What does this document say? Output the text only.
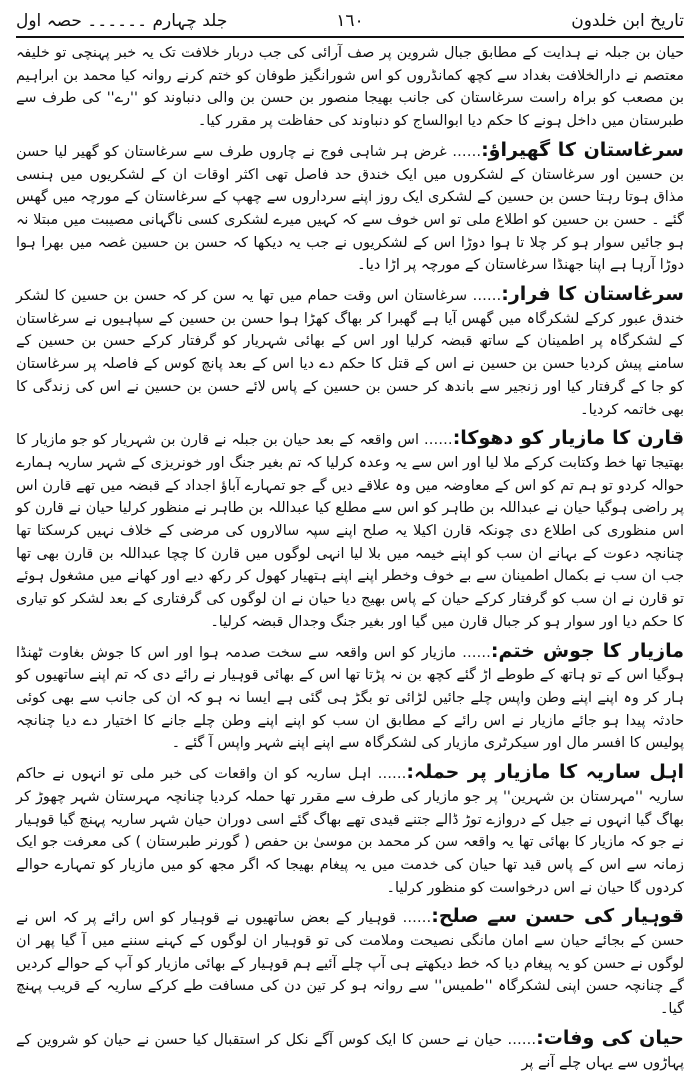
جلد چہارم ۔۔۔۔۔۔ حصہ اول	١٦٠	تاریخ ابن خلدون

حیان بن جبلہ نے ہدایت کے مطابق جبال شروین پر صف آرائی کی جب دربار خلافت تک یہ خبر پہنچی تو خلیفہ معتصم نے دارالخلافت بغداد سے کچھ کمانڈروں کو اس شورانگیز طوفان کو ختم کرنے روانہ کیا محمد بن ابراہیم بن مصعب کو براہ راست سرغاستان کی جانب بھیجا منصور بن حسن بن والی دنباوند کو ''رے'' کی طرف سے طبرستان میں داخل ہونے کا حکم دیا ابوالساج کو دنباوند کی حفاظت پر مقرر کیا۔

سرغاستان کا گھیراؤ:…… غرض ہر شاہی فوج نے چاروں طرف سے سرغاستان کو گھیر لیا حسن بن حسین اور سرغاستان کے لشکروں میں ایک خندق حد فاصل تھی اکثر اوقات ان کے لشکریوں میں ہنسی مذاق ہوتا رہتا حسن بن حسین کے لشکری ایک روز اپنے سرداروں سے چھپ کے سرغاستان کے مورچہ میں گھس گئے ۔ حسن بن حسین کو اطلاع ملی تو اس خوف سے کہ کہیں میرے لشکری کسی ناگہانی مصیبت میں مبتلا نہ ہو جائیں سوار ہو کر چلا تا ہوا دوڑا اس کے لشکریوں نے جب یہ دیکھا کہ حسن بن حسین غصہ میں بھرا ہوا دوڑا آرہا ہے اپنا جھنڈا سرغاستان کے مورچہ پر اڑا دیا۔

سرغاستان کا فرار:…… سرغاستان اس وقت حمام میں تھا یہ سن کر کہ حسن بن حسین کا لشکر خندق عبور کرکے لشکرگاہ میں گھس آیا ہے گھبرا کر بھاگ کھڑا ہوا حسن بن حسین کے سپاہیوں نے سرغاستان کے لشکرگاہ پر اطمینان کے ساتھ قبضہ کرلیا اور اس کے بھائی شہریار کو گرفتار کرکے حسن بن حسین کے سامنے پیش کردیا حسن بن حسین نے اس کے قتل کا حکم دے دیا اس کے بعد پانچ کوس کے فاصلہ پر سرغاستان کو جا کے گرفتار کیا اور زنجیر سے باندھ کر حسن بن حسین کے پاس لائے حسن بن حسین نے اس کی زندگی کا بھی خاتمہ کردیا۔

قارن کا مازیار کو دھوکا:…… اس واقعہ کے بعد حیان بن جبلہ نے قارن بن شہریار کو جو مازیار کا بھتیجا تھا خط وکتابت کرکے ملا لیا اور اس سے یہ وعدہ کرلیا کہ تم بغیر جنگ اور خونریزی کے شہر ساریہ ہمارے حوالہ کردو تو ہم تم کو اس کے معاوضہ میں وہ علاقے دیں گے جو تمہارے آباؤ اجداد کے قبضہ میں تھے قارن اس پر راضی ہوگیا حیان نے عبداللہ بن طاہر کو اس سے مطلع کیا عبداللہ بن طاہر نے منظور کرلیا حیان نے قارن کو اس منظوری کی اطلاع دی چونکہ قارن اکیلا یہ صلح اپنے سپہ سالاروں کی مرضی کے خلاف نہیں کرسکتا تھا چنانچہ دعوت کے بہانے ان سب کو اپنے خیمہ میں بلا لیا انہی لوگوں میں قارن کا چچا عبداللہ بن قارن بھی تھا جب ان سب نے بکمال اطمینان سے بے خوف وخطر اپنے اپنے ہتھیار کھول کر رکھ دیے اور کھانے میں مشغول ہوئے تو قارن نے ان سب کو گرفتار کرکے حیان کے پاس بھیج دیا حیان نے ان لوگوں کی گرفتاری کے بعد لشکر کو تیاری کا حکم دیا اور سوار ہو کر جبال قارن میں گیا اور بغیر جنگ وجدال قبضہ کرلیا۔

مازیار کا جوش ختم:…… مازیار کو اس واقعہ سے سخت صدمہ ہوا اور اس کا جوش بغاوت ٹھنڈا ہوگیا اس کے تو ہاتھ کے طوطے اڑ گئے کچھ بن نہ پڑتا تھا اس کے بھائی قوہیار نے رائے دی کہ تم اپنے ساتھیوں کو ہار کر وہ اپنے اپنے وطن واپس چلے جائیں لڑائی تو بگڑ ہی گئی ہے ایسا نہ ہو کہ ان کی جانب سے بھی کوئی حادثہ پیدا ہو جائے مازیار نے اس رائے کے مطابق ان سب کو اپنے اپنے وطن چلے جانے کا اختیار دے دیا چنانچہ پولیس کا افسر مال اور سیکرٹری مازیار کی لشکرگاہ سے اپنے اپنے شہر واپس آ گئے ۔

اہل ساریہ کا مازیار پر حملہ:…… اہل ساریہ کو ان واقعات کی خبر ملی تو انہوں نے حاکم ساریہ ''مہرستان بن شہرین'' پر جو مازیار کی طرف سے مقرر تھا حملہ کردیا چنانچہ مہرستان شہر چھوڑ کر بھاگ گیا انہوں نے جیل کے دروازے توڑ ڈالے جتنے قیدی تھے بھاگ گئے اسی دوران حیان شہر ساریہ پہنچ گیا قوہیار نے جو کہ مازیار کا بھائی تھا یہ واقعہ سن کر محمد بن موسیٰ بن حفص ( گورنر طبرستان ) کی معرفت جو ایک زمانہ سے اس کے پاس قید تھا حیان کی خدمت میں یہ پیغام بھیجا کہ اگر مجھ کو میں مازیار کو تمہارے حوالے کردوں گا حیان نے اس درخواست کو منظور کرلیا۔

قوہیار کی حسن سے صلح:…… قوہیار کے بعض ساتھیوں نے قوہیار کو اس رائے پر کہ اس نے حسن کے بجائے حیان سے امان مانگی نصیحت وملامت کی تو قوہیار ان لوگوں کے کہنے سننے میں آ گیا پھر ان لوگوں نے حسن کو یہ پیغام دیا کہ خط دیکھتے ہی آپ چلے آئیے ہم قوہیار کے بھائی مازیار کو آپ کے حوالے کردیں گے چنانچہ حسن اپنی لشکرگاہ ''طمیس'' سے روانہ ہو کر تین دن کی مسافت طے کرکے ساریہ کے قریب پہنچ گیا۔

حیان کی وفات:…… حیان نے حسن کا ایک کوس آگے نکل کر استقبال کیا حسن نے حیان کو شروین کے پہاڑوں سے یہاں چلے آنے پر
